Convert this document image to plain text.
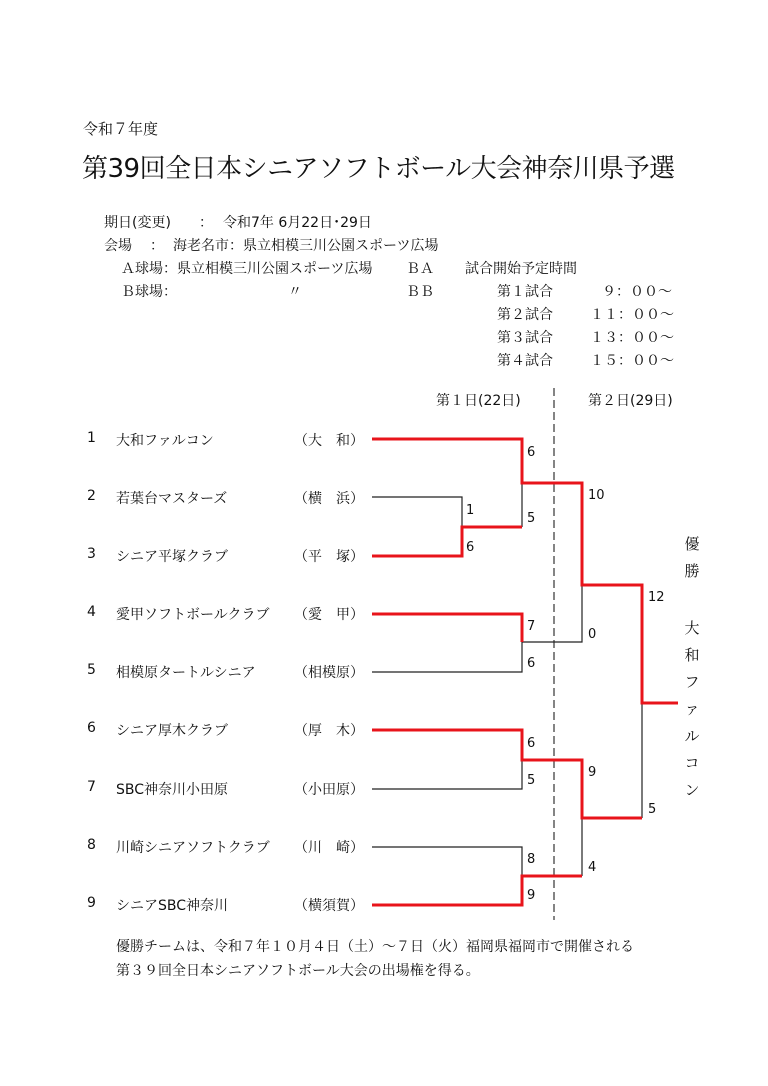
令和７年度
第39回全日本シニアソフトボール大会神奈川県予選
期日(変更) ： 令和7年 6月22日･29日
会場 ： 海老名市：県立相模三川公園スポーツ広場
Ａ球場：県立相模三川公園スポーツ広場 ＢＡ 試合開始予定時間
Ｂ球場：	〃	ＢＢ	第１試合	９：００～
第２試合	１１：００～
第３試合	１３：００～
第４試合	１５：００～
第１日(22日)	第２日(29日)
1 大和ファルコン	（大　和）
2 若葉台マスターズ	（横　浜）
3 シニア平塚クラブ	（平　塚）
4 愛甲ソフトボールクラブ （愛　甲）
5 相模原タートルシニア	（相模原）
6 シニア厚木クラブ	（厚　木）
7 SBC神奈川小田原	（小田原）
8 川崎シニアソフトクラブ （川　崎）
9 シニアSBC神奈川	（横須賀）
1
6
6
5
7
6
6
5
8
9
10
0
9
4
12
5
優
勝
大
和
フ
ァ
ル
コ
ン
優勝チームは、令和７年１０月４日（土）～７日（火）福岡県福岡市で開催される
第３９回全日本シニアソフトボール大会の出場権を得る。
